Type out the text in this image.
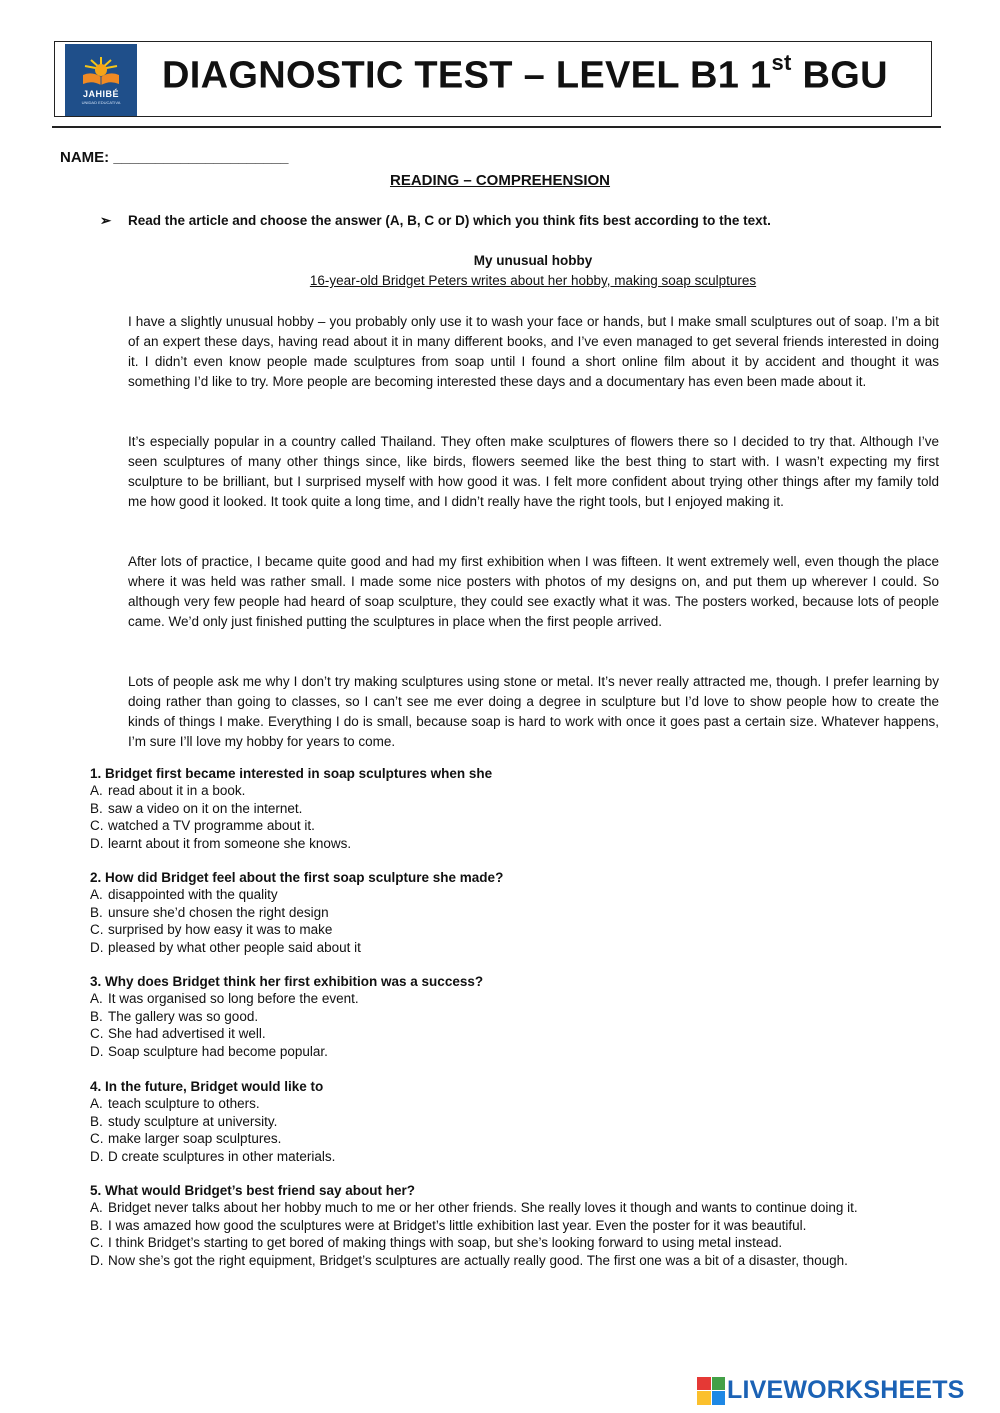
JAHIBÉ
UNIDAD EDUCATIVA
DIAGNOSTIC TEST – LEVEL B1 1st BGU
NAME: _____________________
READING – COMPREHENSION
➢ Read the article and choose the answer (A, B, C or D) which you think fits best according to the text.
My unusual hobby
16-year-old Bridget Peters writes about her hobby, making soap sculptures

I have a slightly unusual hobby – you probably only use it to wash your face or hands, but I make small sculptures out of soap. I’m a bit of an expert these days, having read about it in many different books, and I’ve even managed to get several friends interested in doing it. I didn’t even know people made sculptures from soap until I found a short online film about it by accident and thought it was something I’d like to try. More people are becoming interested these days and a documentary has even been made about it.

It’s especially popular in a country called Thailand. They often make sculptures of flowers there so I decided to try that. Although I’ve seen sculptures of many other things since, like birds, flowers seemed like the best thing to start with. I wasn’t expecting my first sculpture to be brilliant, but I surprised myself with how good it was. I felt more confident about trying other things after my family told me how good it looked. It took quite a long time, and I didn’t really have the right tools, but I enjoyed making it.

After lots of practice, I became quite good and had my first exhibition when I was fifteen. It went extremely well, even though the place where it was held was rather small. I made some nice posters with photos of my designs on, and put them up wherever I could. So although very few people had heard of soap sculpture, they could see exactly what it was. The posters worked, because lots of people came. We’d only just finished putting the sculptures in place when the first people arrived.

Lots of people ask me why I don’t try making sculptures using stone or metal. It’s never really attracted me, though. I prefer learning by doing rather than going to classes, so I can’t see me ever doing a degree in sculpture but I’d love to show people how to create the kinds of things I make. Everything I do is small, because soap is hard to work with once it goes past a certain size. Whatever happens, I’m sure I’ll love my hobby for years to come.

1. Bridget first became interested in soap sculptures when she
A. read about it in a book.
B. saw a video on it on the internet.
C. watched a TV programme about it.
D. learnt about it from someone she knows.
2. How did Bridget feel about the first soap sculpture she made?
A. disappointed with the quality
B. unsure she’d chosen the right design
C. surprised by how easy it was to make
D. pleased by what other people said about it
3. Why does Bridget think her first exhibition was a success?
A. It was organised so long before the event.
B. The gallery was so good.
C. She had advertised it well.
D. Soap sculpture had become popular.
4. In the future, Bridget would like to
A. teach sculpture to others.
B. study sculpture at university.
C. make larger soap sculptures.
D. D create sculptures in other materials.
5. What would Bridget’s best friend say about her?
A. Bridget never talks about her hobby much to me or her other friends. She really loves it though and wants to continue doing it.
B. I was amazed how good the sculptures were at Bridget’s little exhibition last year. Even the poster for it was beautiful.
C. I think Bridget’s starting to get bored of making things with soap, but she’s looking forward to using metal instead.
D. Now she’s got the right equipment, Bridget’s sculptures are actually really good. The first one was a bit of a disaster, though.
LIVEWORKSHEETS
